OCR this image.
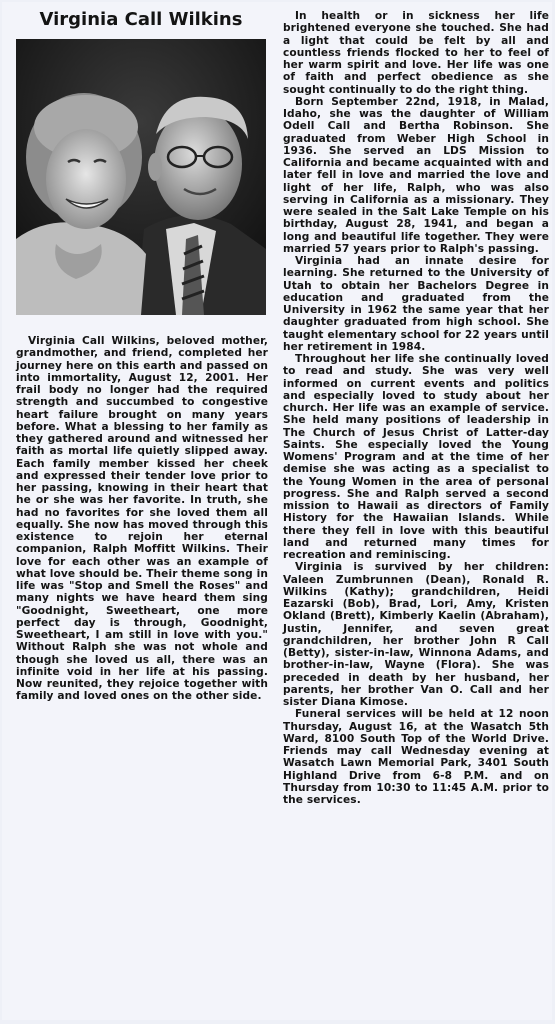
Virginia Call Wilkins

Virginia Call Wilkins, beloved mother, grandmother, and friend, completed her journey here on this earth and passed on into immortality, August 12, 2001. Her frail body no longer had the required strength and succumbed to congestive heart failure brought on many years before. What a blessing to her family as they gathered around and witnessed her faith as mortal life quietly slipped away. Each family member kissed her cheek and expressed their tender love prior to her passing, knowing in their heart that he or she was her favorite. In truth, she had no favorites for she loved them all equally. She now has moved through this existence to rejoin her eternal companion, Ralph Moffitt Wilkins. Their love for each other was an example of what love should be. Their theme song in life was "Stop and Smell the Roses" and many nights we have heard them sing "Goodnight, Sweetheart, one more perfect day is through, Goodnight, Sweetheart, I am still in love with you." Without Ralph she was not whole and though she loved us all, there was an infinite void in her life at his passing. Now reunited, they rejoice together with family and loved ones on the other side.

In health or in sickness her life brightened everyone she touched. She had a light that could be felt by all and countless friends flocked to her to feel of her warm spirit and love. Her life was one of faith and perfect obedience as she sought continually to do the right thing.

Born September 22nd, 1918, in Malad, Idaho, she was the daughter of William Odell Call and Bertha Robinson. She graduated from Weber High School in 1936. She served an LDS Mission to California and became acquainted with and later fell in love and married the love and light of her life, Ralph, who was also serving in California as a missionary. They were sealed in the Salt Lake Temple on his birthday, August 28, 1941, and began a long and beautiful life together. They were married 57 years prior to Ralph's passing.

Virginia had an innate desire for learning. She returned to the University of Utah to obtain her Bachelors Degree in education and graduated from the University in 1962 the same year that her daughter graduated from high school. She taught elementary school for 22 years until her retirement in 1984.

Throughout her life she continually loved to read and study. She was very well informed on current events and politics and especially loved to study about her church. Her life was an example of service. She held many positions of leadership in The Church of Jesus Christ of Latter-day Saints. She especially loved the Young Womens' Program and at the time of her demise she was acting as a specialist to the Young Women in the area of personal progress. She and Ralph served a second mission to Hawaii as directors of Family History for the Hawaiian Islands. While there they fell in love with this beautiful land and returned many times for recreation and reminiscing.

Virginia is survived by her children: Valeen Zumbrunnen (Dean), Ronald R. Wilkins (Kathy); grandchildren, Heidi Eazarski (Bob), Brad, Lori, Amy, Kristen Okland (Brett), Kimberly Kaelin (Abraham), Justin, Jennifer, and seven great grandchildren, her brother John R Call (Betty), sister-in-law, Winnona Adams, and brother-in-law, Wayne (Flora). She was preceded in death by her husband, her parents, her brother Van O. Call and her sister Diana Kimose.

Funeral services will be held at 12 noon Thursday, August 16, at the Wasatch 5th Ward, 8100 South Top of the World Drive. Friends may call Wednesday evening at Wasatch Lawn Memorial Park, 3401 South Highland Drive from 6-8 P.M. and on Thursday from 10:30 to 11:45 A.M. prior to the services.
